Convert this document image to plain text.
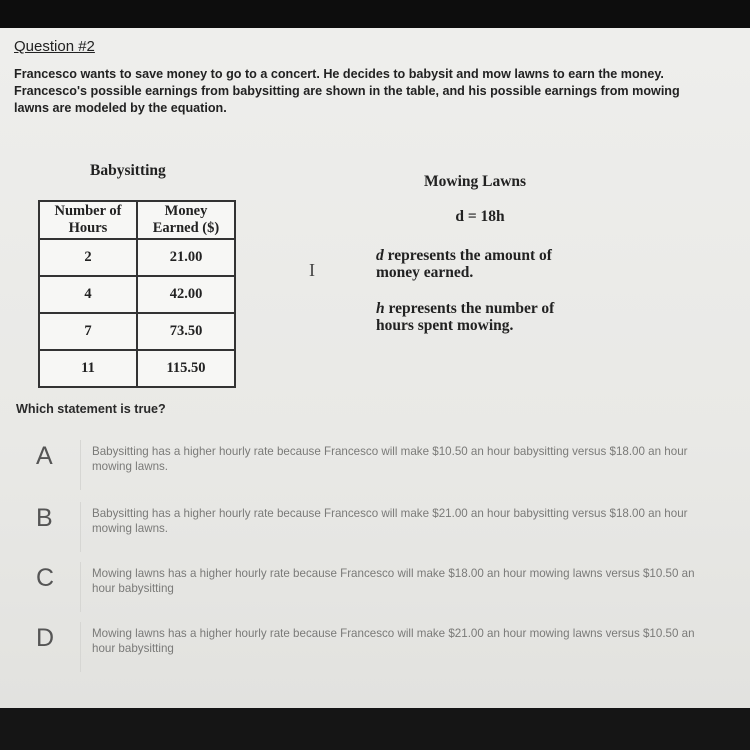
Question #2
Francesco wants to save money to go to a concert. He decides to babysit and mow lawns to earn the money. Francesco's possible earnings from babysitting are shown in the table, and his possible earnings from mowing lawns are modeled by the equation.
Babysitting
Number of Hours	Money Earned ($)
2	21.00
4	42.00
7	73.50
11	115.50
I
Mowing Lawns
d = 18h
d represents the amount of money earned.
h represents the number of hours spent mowing.
Which statement is true?
A	Babysitting has a higher hourly rate because Francesco will make $10.50 an hour babysitting versus $18.00 an hour mowing lawns.
B	Babysitting has a higher hourly rate because Francesco will make $21.00 an hour babysitting versus $18.00 an hour mowing lawns.
C	Mowing lawns has a higher hourly rate because Francesco will make $18.00 an hour mowing lawns versus $10.50 an hour babysitting
D	Mowing lawns has a higher hourly rate because Francesco will make $21.00 an hour mowing lawns versus $10.50 an hour babysitting
